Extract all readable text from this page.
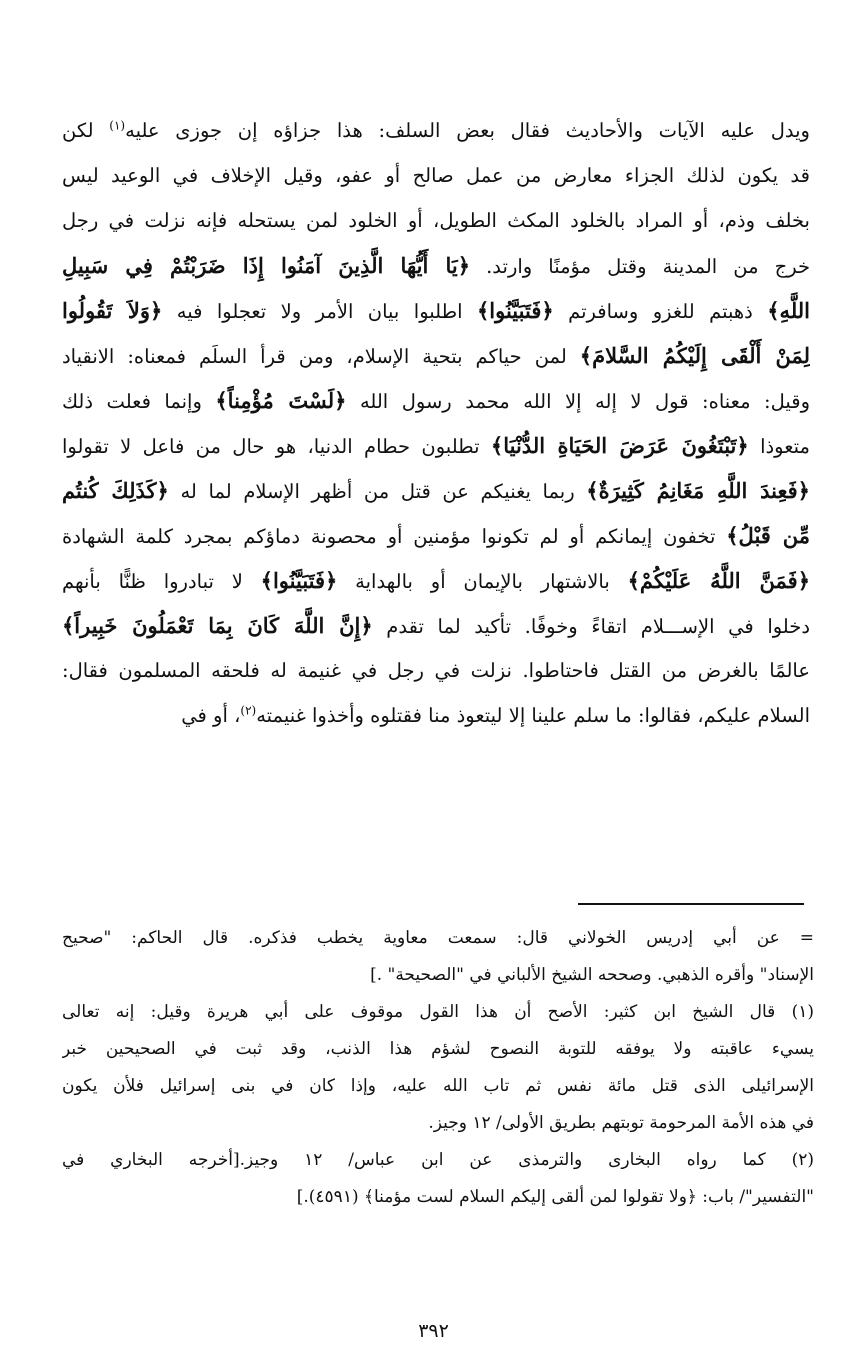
ويدل عليه الآيات والأحاديث فقال بعض السلف: هذا جزاؤه إن جوزى عليه$^{(١)}$ لكن
قد يكون لذلك الجزاء معارض من عمل صالح أو عفو، وقيل الإخلاف في الوعيد ليس
بخلف وذم، أو المراد بالخلود المكث الطويل، أو الخلود لمن يستحله فإنه نزلت في رجل
خرج من المدينة وقتل مؤمنًا وارتد. ﴿يَا أَيُّهَا الَّذِينَ آمَنُوا إِذَا ضَرَبْتُمْ فِي سَبِيلِ
اللَّهِ﴾ ذهبتم للغزو وسافرتم ﴿فَتَبَيَّنُوا﴾ اطلبوا بيان الأمر ولا تعجلوا فيه ﴿وَلاَ تَقُولُوا
لِمَنْ أَلْقَى إِلَيْكُمُ السَّلامَ﴾ لمن حياكم بتحية الإسلام، ومن قرأ السلَم فمعناه: الانقياد
وقيل: معناه: قول لا إله إلا الله محمد رسول الله ﴿لَسْتَ مُؤْمِناً﴾ وإنما فعلت ذلك
متعوذا ﴿تَبْتَغُونَ عَرَضَ الحَيَاةِ الدُّنْيَا﴾ تطلبون حطام الدنيا، هو حال من فاعل لا تقولوا
﴿فَعِندَ اللَّهِ مَغَانِمُ كَثِيرَةٌ﴾ ربما يغنيكم عن قتل من أظهر الإسلام لما له ﴿كَذَلِكَ كُنتُم
مِّن قَبْلُ﴾ تخفون إيمانكم أو لم تكونوا مؤمنين أو محصونة دماؤكم بمجرد كلمة الشهادة
﴿فَمَنَّ اللَّهُ عَلَيْكُمْ﴾ بالاشتهار بالإيمان أو بالهداية ﴿فَتَبَيَّنُوا﴾ لا تبادروا ظنًّا بأنهم
دخلوا في الإســـلام اتقاءً وخوفًا. تأكيد لما تقدم ﴿إِنَّ اللَّهَ كَانَ بِمَا تَعْمَلُونَ خَبِيراً﴾
عالمًا بالغرض من القتل فاحتاطوا. نزلت في رجل في غنيمة له فلحقه المسلمون فقال:
السلام عليكم، فقالوا: ما سلم علينا إلا ليتعوذ منا فقتلوه وأخذوا غنيمته$^{(٢)}$، أو في
= عن أبي إدريس الخولاني قال: سمعت معاوية يخطب فذكره. قال الحاكم: "صحيح
الإسناد" وأقره الذهبي. وصححه الشيخ الألباني في "الصحيحة" .]
(١) قال الشيخ ابن كثير: الأصح أن هذا القول موقوف على أبي هريرة وقيل: إنه تعالى
يسيء عاقبته ولا يوفقه للتوبة النصوح لشؤم هذا الذنب، وقد ثبت في الصحيحين خبر
الإسرائيلى الذى قتل مائة نفس ثم تاب الله عليه، وإذا كان في بنى إسرائيل فلأن يكون
في هذه الأمة المرحومة توبتهم بطريق الأولى/ ١٢ وجيز.
(٢) كما رواه البخارى والترمذى عن ابن عباس/ ١٢ وجيز.[أخرجه البخاري في
"التفسير"/ باب: ﴿ولا تقولوا لمن ألقى إليكم السلام لست مؤمنا﴾ (٤٥٩١).]
٣٩٢
